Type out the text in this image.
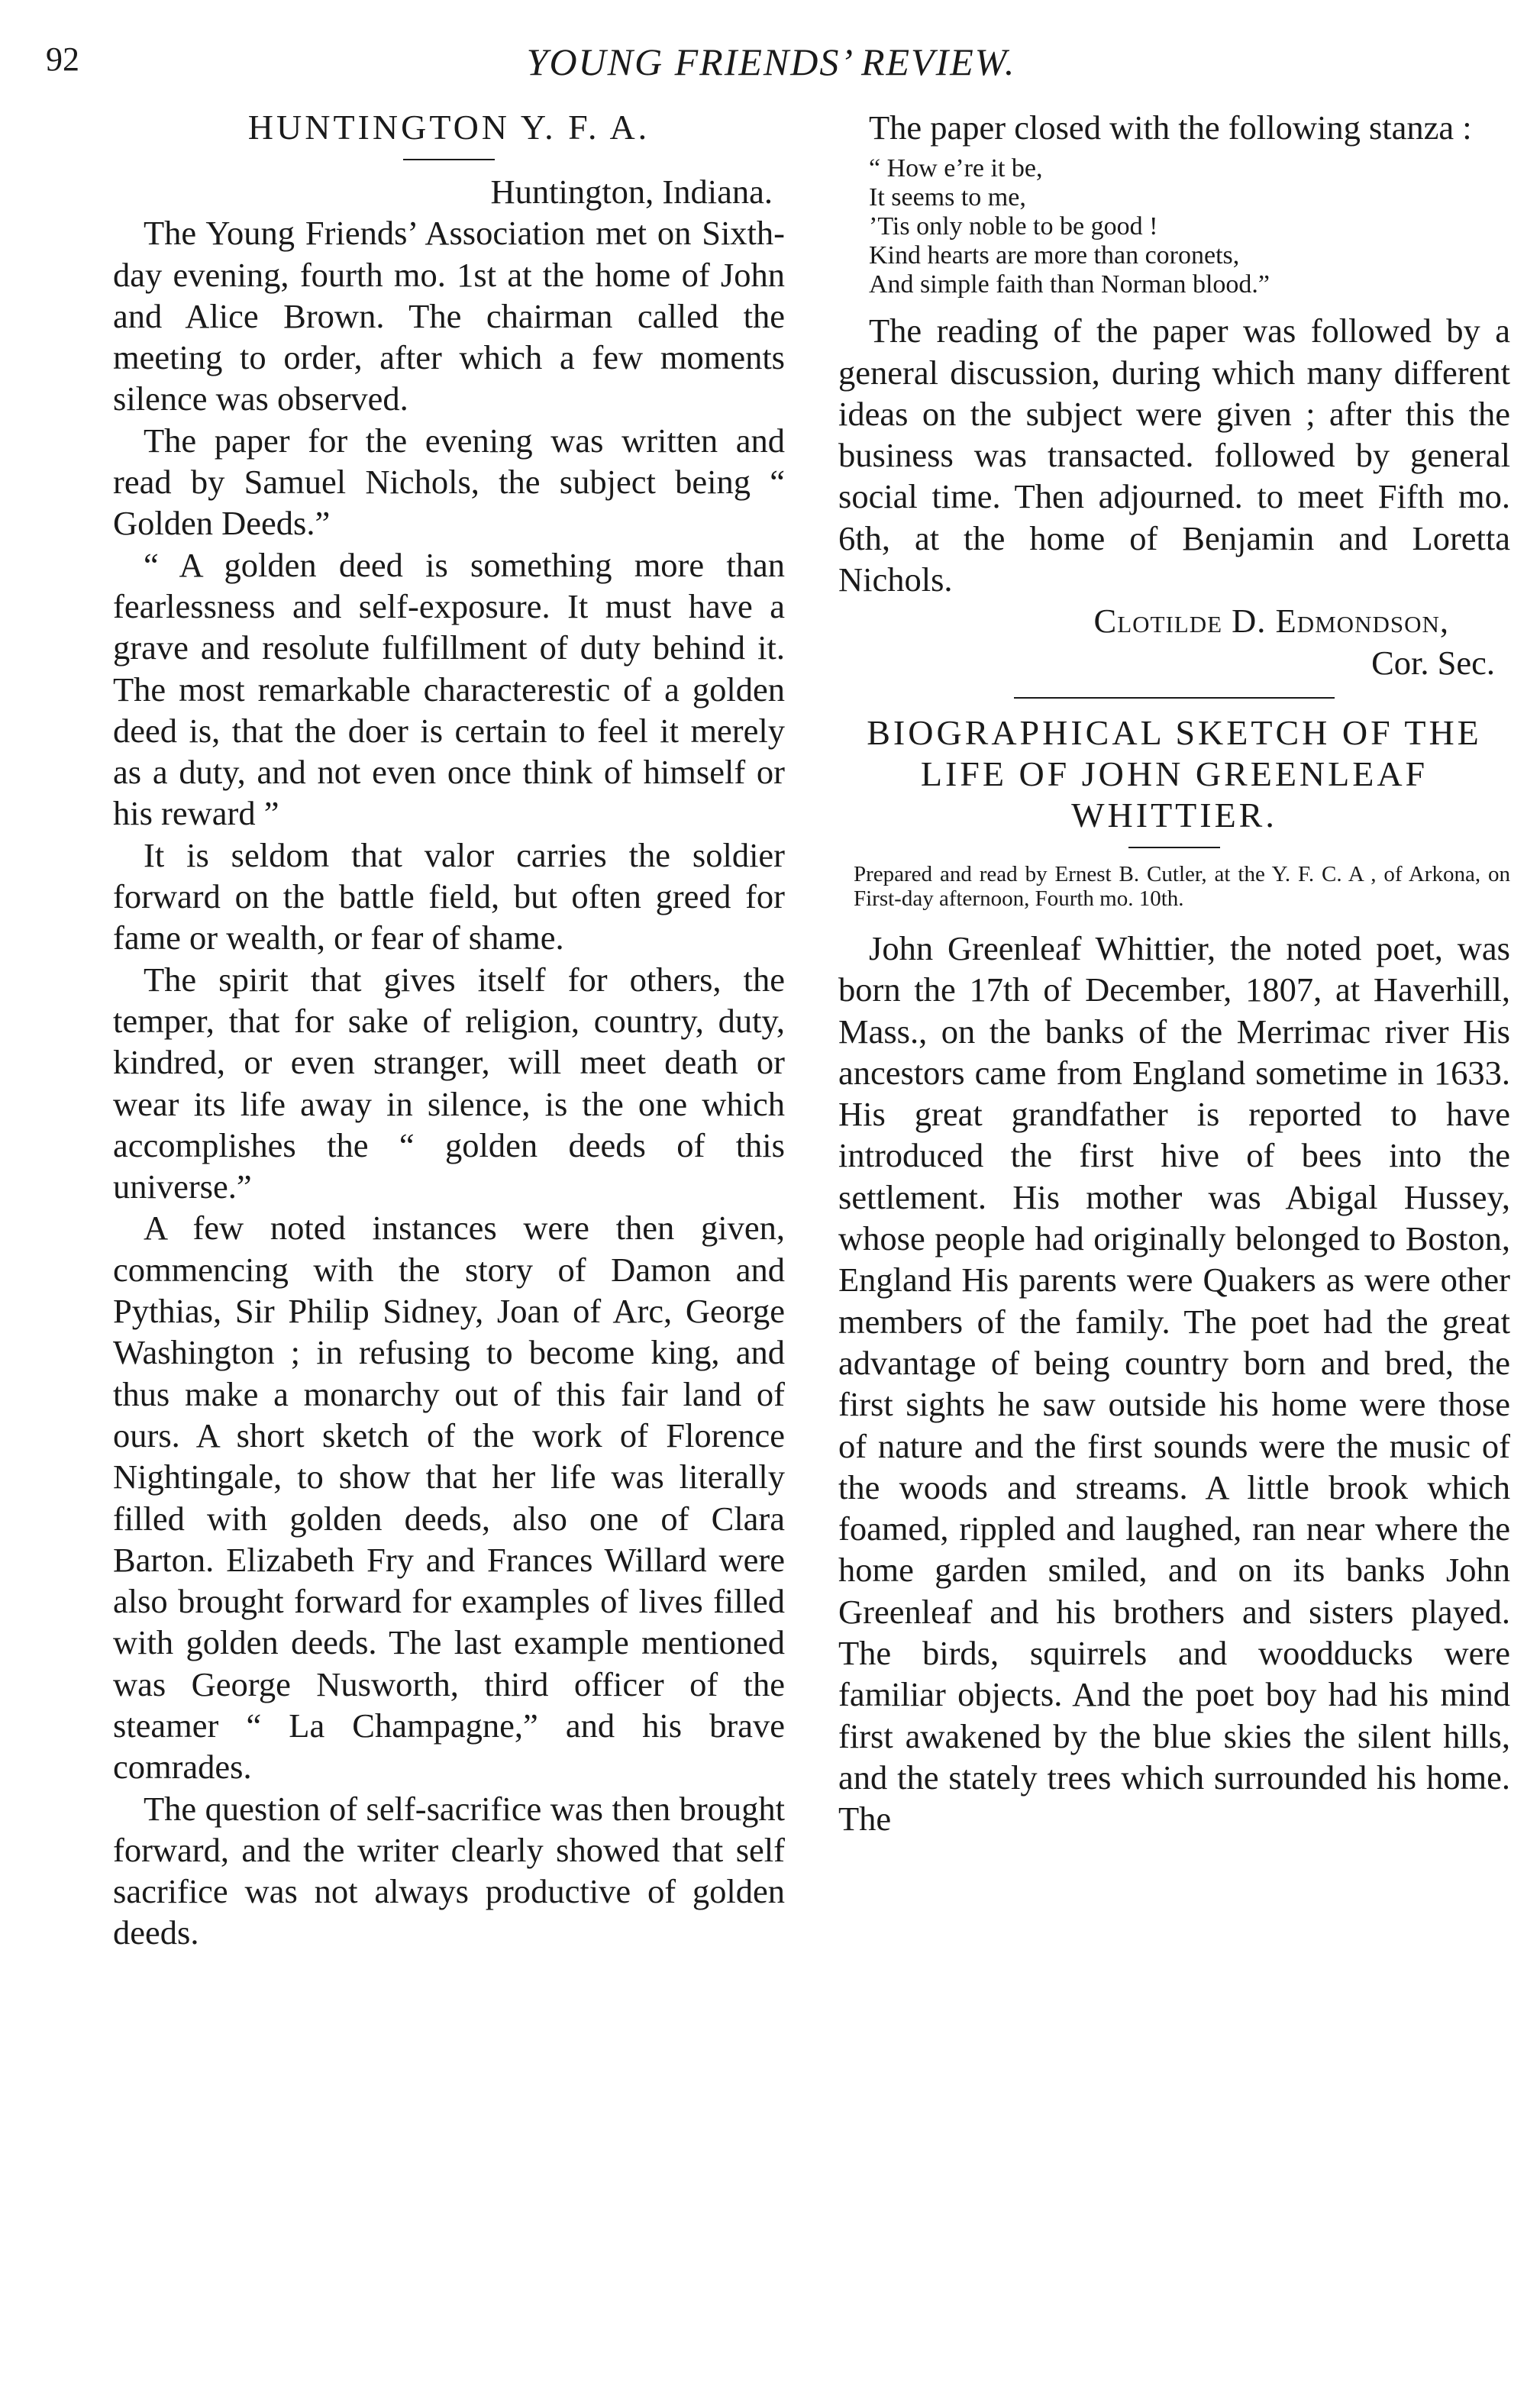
92	YOUNG FRIENDS’ REVIEW.
HUNTINGTON Y. F. A.

Huntington, Indiana.

The Young Friends’ Association met on Sixth-day evening, fourth mo. 1st at the home of John and Alice Brown. The chairman called the meeting to order, after which a few moments silence was observed.

The paper for the evening was written and read by Samuel Nichols, the subject being “ Golden Deeds.”

“ A golden deed is something more than fearlessness and self-exposure. It must have a grave and resolute fulfillment of duty behind it. The most remarkable characterestic of a golden deed is, that the doer is certain to feel it merely as a duty, and not even once think of himself or his reward ”

It is seldom that valor carries the soldier forward on the battle field, but often greed for fame or wealth, or fear of shame.

The spirit that gives itself for others, the temper, that for sake of religion, country, duty, kindred, or even stranger, will meet death or wear its life away in silence, is the one which accomplishes the “ golden deeds of this universe.”

A few noted instances were then given, commencing with the story of Damon and Pythias, Sir Philip Sidney, Joan of Arc, George Washington ; in refusing to become king, and thus make a monarchy out of this fair land of ours. A short sketch of the work of Florence Nightingale, to show that her life was literally filled with golden deeds, also one of Clara Barton. Elizabeth Fry and Frances Willard were also brought forward for examples of lives filled with golden deeds. The last example mentioned was George Nusworth, third officer of the steamer “ La Champagne,” and his brave comrades.

The question of self-sacrifice was then brought forward, and the writer clearly showed that self sacrifice was not always productive of golden deeds.

The paper closed with the following stanza :

“ How e’re it be,
It seems to me,
’Tis only noble to be good !
Kind hearts are more than coronets,
And simple faith than Norman blood.”

The reading of the paper was followed by a general discussion, during which many different ideas on the subject were given ; after this the business was transacted. followed by general social time. Then adjourned. to meet Fifth mo. 6th, at the home of Benjamin and Loretta Nichols.

Clotilde D. Edmondson,

Cor. Sec.

BIOGRAPHICAL SKETCH OF THE LIFE OF JOHN GREENLEAF WHITTIER.
Prepared and read by Ernest B. Cutler, at the Y. F. C. A , of Arkona, on First-day afternoon, Fourth mo. 10th.

John Greenleaf Whittier, the noted poet, was born the 17th of December, 1807, at Haverhill, Mass., on the banks of the Merrimac river His ancestors came from England sometime in 1633. His great grandfather is reported to have introduced the first hive of bees into the settlement. His mother was Abigal Hussey, whose people had originally belonged to Boston, England His parents were Quakers as were other members of the family. The poet had the great advantage of being country born and bred, the first sights he saw outside his home were those of nature and the first sounds were the music of the woods and streams. A little brook which foamed, rippled and laughed, ran near where the home garden smiled, and on its banks John Greenleaf and his brothers and sisters played. The birds, squirrels and woodducks were familiar objects. And the poet boy had his mind first awakened by the blue skies the silent hills, and the stately trees which surrounded his home. The
